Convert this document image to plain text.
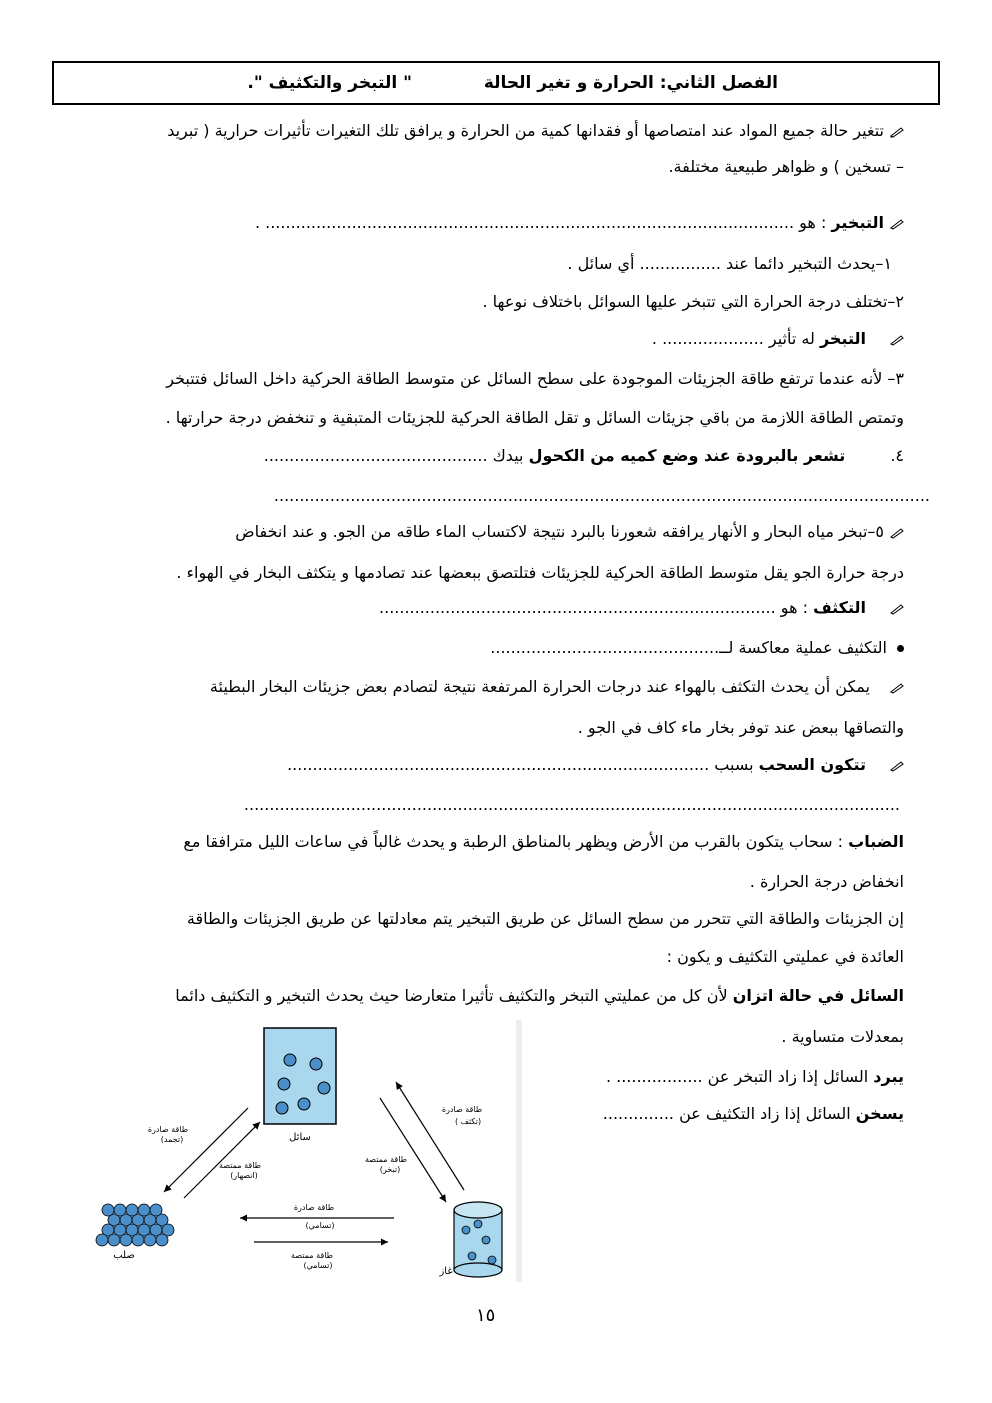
الفصل الثاني: الحرارة و تغير الحالة  " التبخر والتكثيف ".
تتغير حالة جميع المواد عند امتصاصها أو فقدانها كمية من الحرارة و يرافق تلك التغيرات تأثيرات حرارية ( تبريد
– تسخين ) و ظواهر طبيعية مختلفة.
التبخير : هو ........................................................................................................ .
١–يحدث التبخير دائما عند ................ أي سائل .
٢–تختلف درجة الحرارة التي تتبخر عليها السوائل باختلاف نوعها .
التبخر له تأثير .................... .
٣– لأنه عندما ترتفع طاقة الجزيئات الموجودة على سطح السائل عن متوسط الطاقة الحركية داخل السائل فتتبخر
وتمتص الطاقة اللازمة من باقي جزيئات السائل و تقل الطاقة الحركية للجزيئات المتبقية و تنخفض درجة حرارتها .
٤. تشعر بالبرودة عند وضع كميه من الكحول بيدك ............................................
.................................................................................................................................
٥–تبخر مياه البحار و الأنهار يرافقه شعورنا بالبرد نتيجة لاكتساب الماء طاقه من الجو. و عند انخفاض
درجة حرارة الجو يقل متوسط الطاقة الحركية للجزيئات فتلتصق ببعضها عند تصادمها و يتكثف البخار في الهواء .
التكثف : هو ..............................................................................
التكثيف عملية معاكسة لــ.............................................
يمكن أن يحدث التكثف بالهواء عند درجات الحرارة المرتفعة نتيجة لتصادم بعض جزيئات البخار البطيئة
والتصاقها ببعض عند توفر بخار ماء كاف في الجو .
تتكون السحب بسبب ...................................................................................
.................................................................................................................................
الضباب : سحاب يتكون بالقرب من الأرض ويظهر بالمناطق الرطبة و يحدث غالباً في ساعات الليل مترافقا مع
انخفاض درجة الحرارة .
إن الجزيئات والطاقة التي تتحرر من سطح السائل عن طريق التبخير يتم معادلتها عن طريق الجزيئات والطاقة
العائدة في عمليتي التكثيف و يكون :
السائل في حالة اتزان لأن كل من عمليتي التبخر والتكثيف تأثيرا متعارضا حيث يحدث التبخير و التكثيف دائما
بمعدلات متساوية .
يبرد السائل إذا زاد التبخر عن ................. .
يسخن السائل إذا زاد التكثيف عن ..............
سائل
صلب
غاز
طاقة صادرة
(تكثف )
طاقة ممتصة
(تبخر)
طاقة صادرة
(تجمد)
طاقة ممتصة
(انصهار)
طاقة صادرة
(تسامي)
طاقة ممتصة
(تسامي)
١٥
